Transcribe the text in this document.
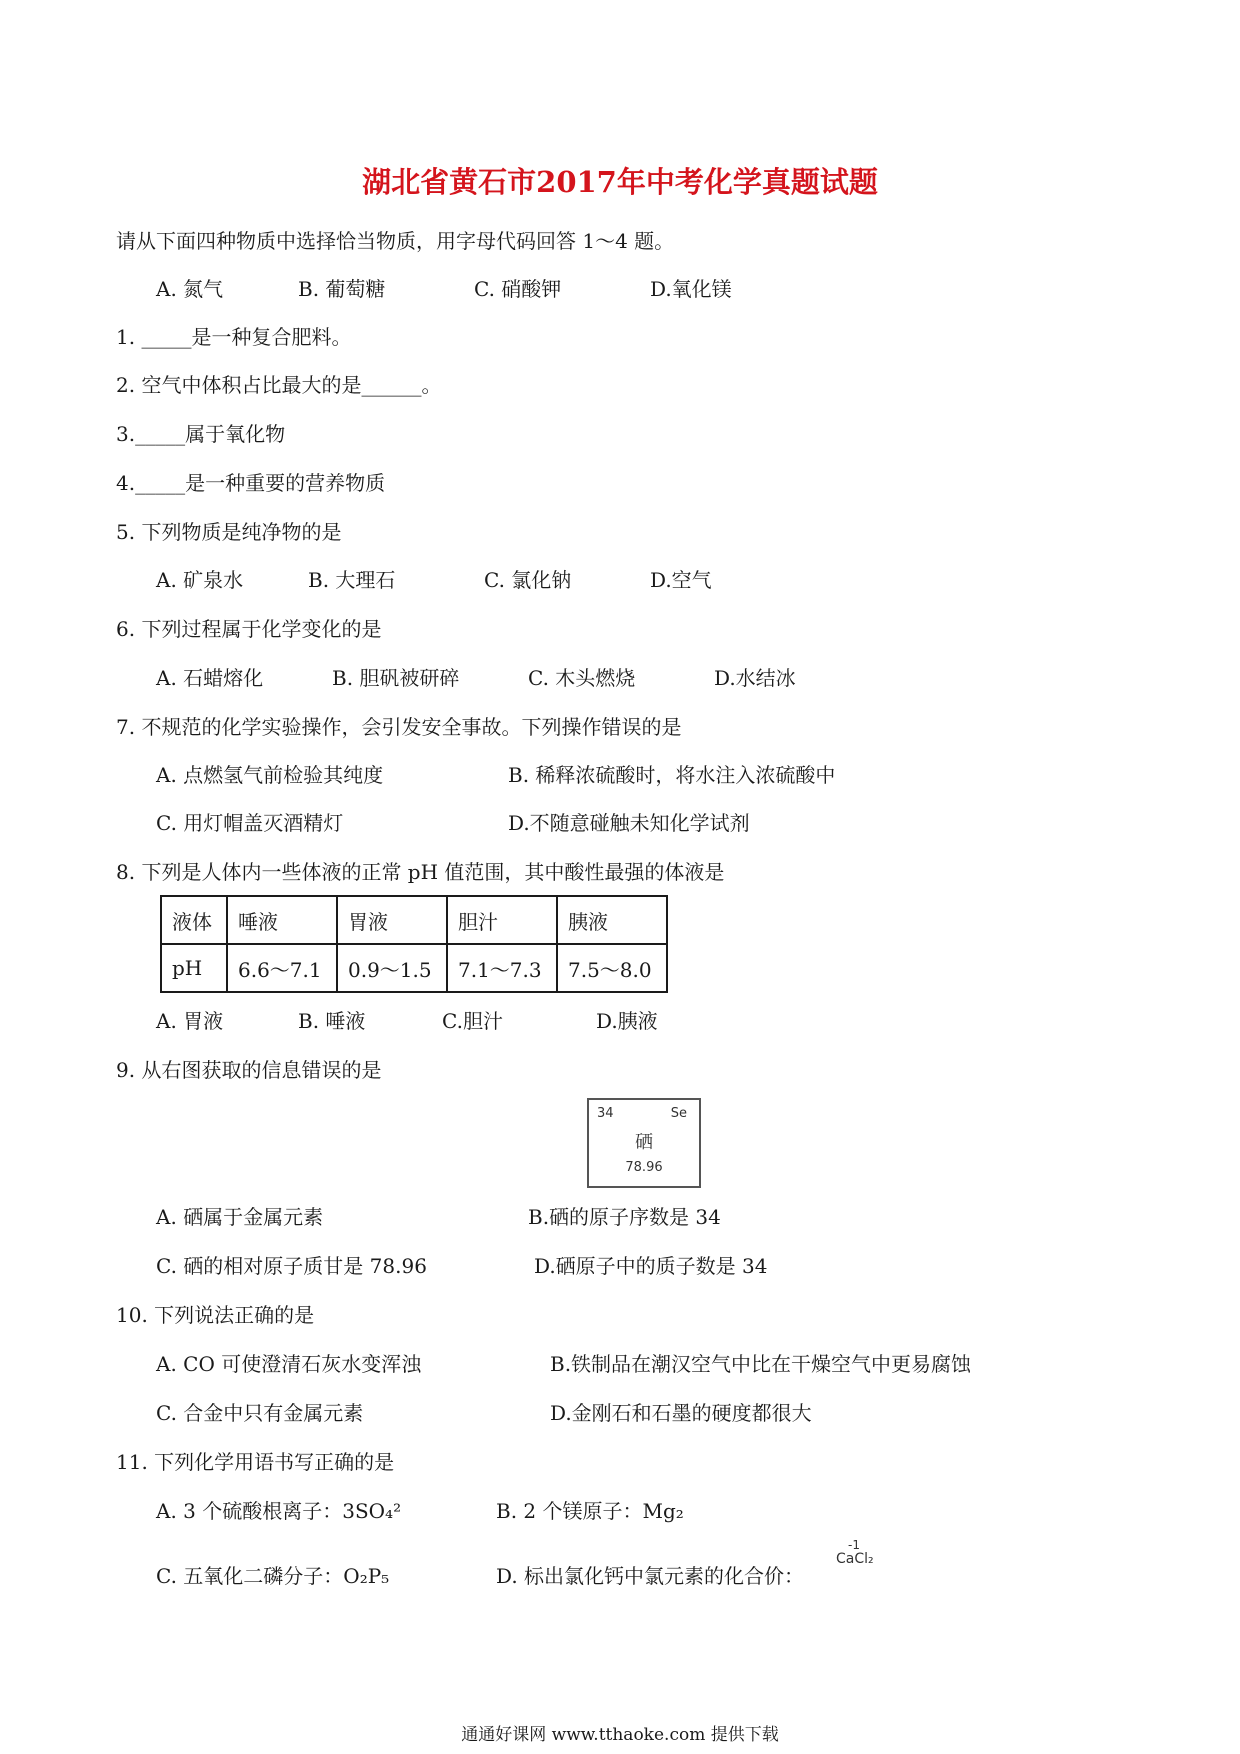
湖北省黄石市2017年中考化学真题试题
请从下面四种物质中选择恰当物质，用字母代码回答 1～4 题。
A. 氮气	B. 葡萄糖	C. 硝酸钾	D.氧化镁
1. _____是一种复合肥料。
2. 空气中体积占比最大的是______。
3._____属于氧化物
4._____是一种重要的营养物质
5. 下列物质是纯净物的是
A. 矿泉水	B. 大理石	C. 氯化钠	D.空气
6. 下列过程属于化学变化的是
A. 石蜡熔化	B. 胆矾被研碎	C. 木头燃烧	D.水结冰
7. 不规范的化学实验操作，会引发安全事故。下列操作错误的是
A. 点燃氢气前检验其纯度	B. 稀释浓硫酸时，将水注入浓硫酸中
C. 用灯帽盖灭酒精灯	D.不随意碰触未知化学试剂
8. 下列是人体内一些体液的正常 pH 值范围，其中酸性最强的体液是
液体	唾液	胃液	胆汁	胰液
pH	6.6～7.1	0.9～1.5	7.1～7.3	7.5～8.0
A. 胃液	B. 唾液	C.胆汁	D.胰液
9. 从右图获取的信息错误的是
34	Se
硒
78.96
A. 硒属于金属元素	B.硒的原子序数是 34
C. 硒的相对原子质甘是 78.96	D.硒原子中的质子数是 34
10. 下列说法正确的是
A. CO 可使澄清石灰水变浑浊	B.铁制品在潮汉空气中比在干燥空气中更易腐蚀
C. 合金中只有金属元素	D.金刚石和石墨的硬度都很大
11. 下列化学用语书写正确的是
A. 3 个硫酸根离子：3SO₄²	B. 2 个镁原子：Mg₂
C. 五氧化二磷分子：O₂P₅	D. 标出氯化钙中氯元素的化合价：
-1
CaCl₂
通通好课网 www.tthaoke.com 提供下载
